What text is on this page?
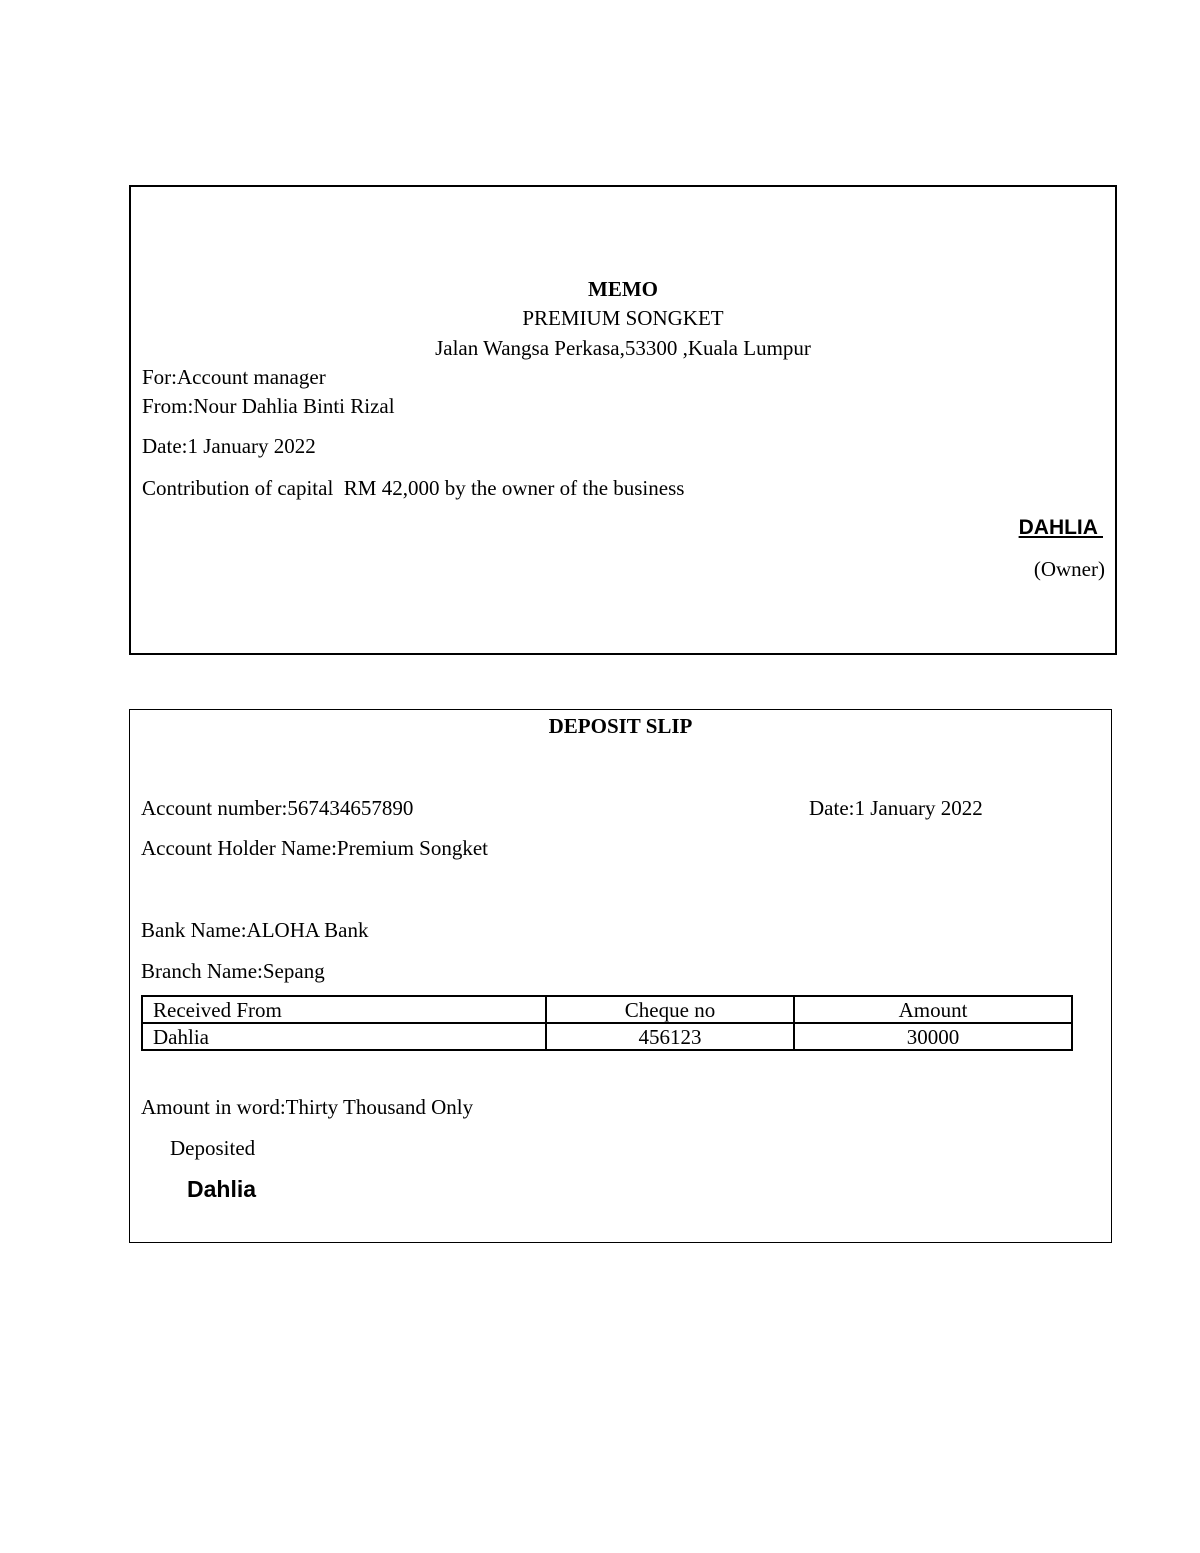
MEMO
PREMIUM SONGKET
Jalan Wangsa Perkasa,53300 ,Kuala Lumpur
For:Account manager
From:Nour Dahlia Binti Rizal
Date:1 January 2022
Contribution of capital  RM 42,000 by the owner of the business
DAHLIA
(Owner)
DEPOSIT SLIP
Account number:567434657890	Date:1 January 2022
Account Holder Name:Premium Songket
Bank Name:ALOHA Bank
Branch Name:Sepang
Received From	Cheque no	Amount
Dahlia	456123	30000
Amount in word:Thirty Thousand Only
Deposited
Dahlia
